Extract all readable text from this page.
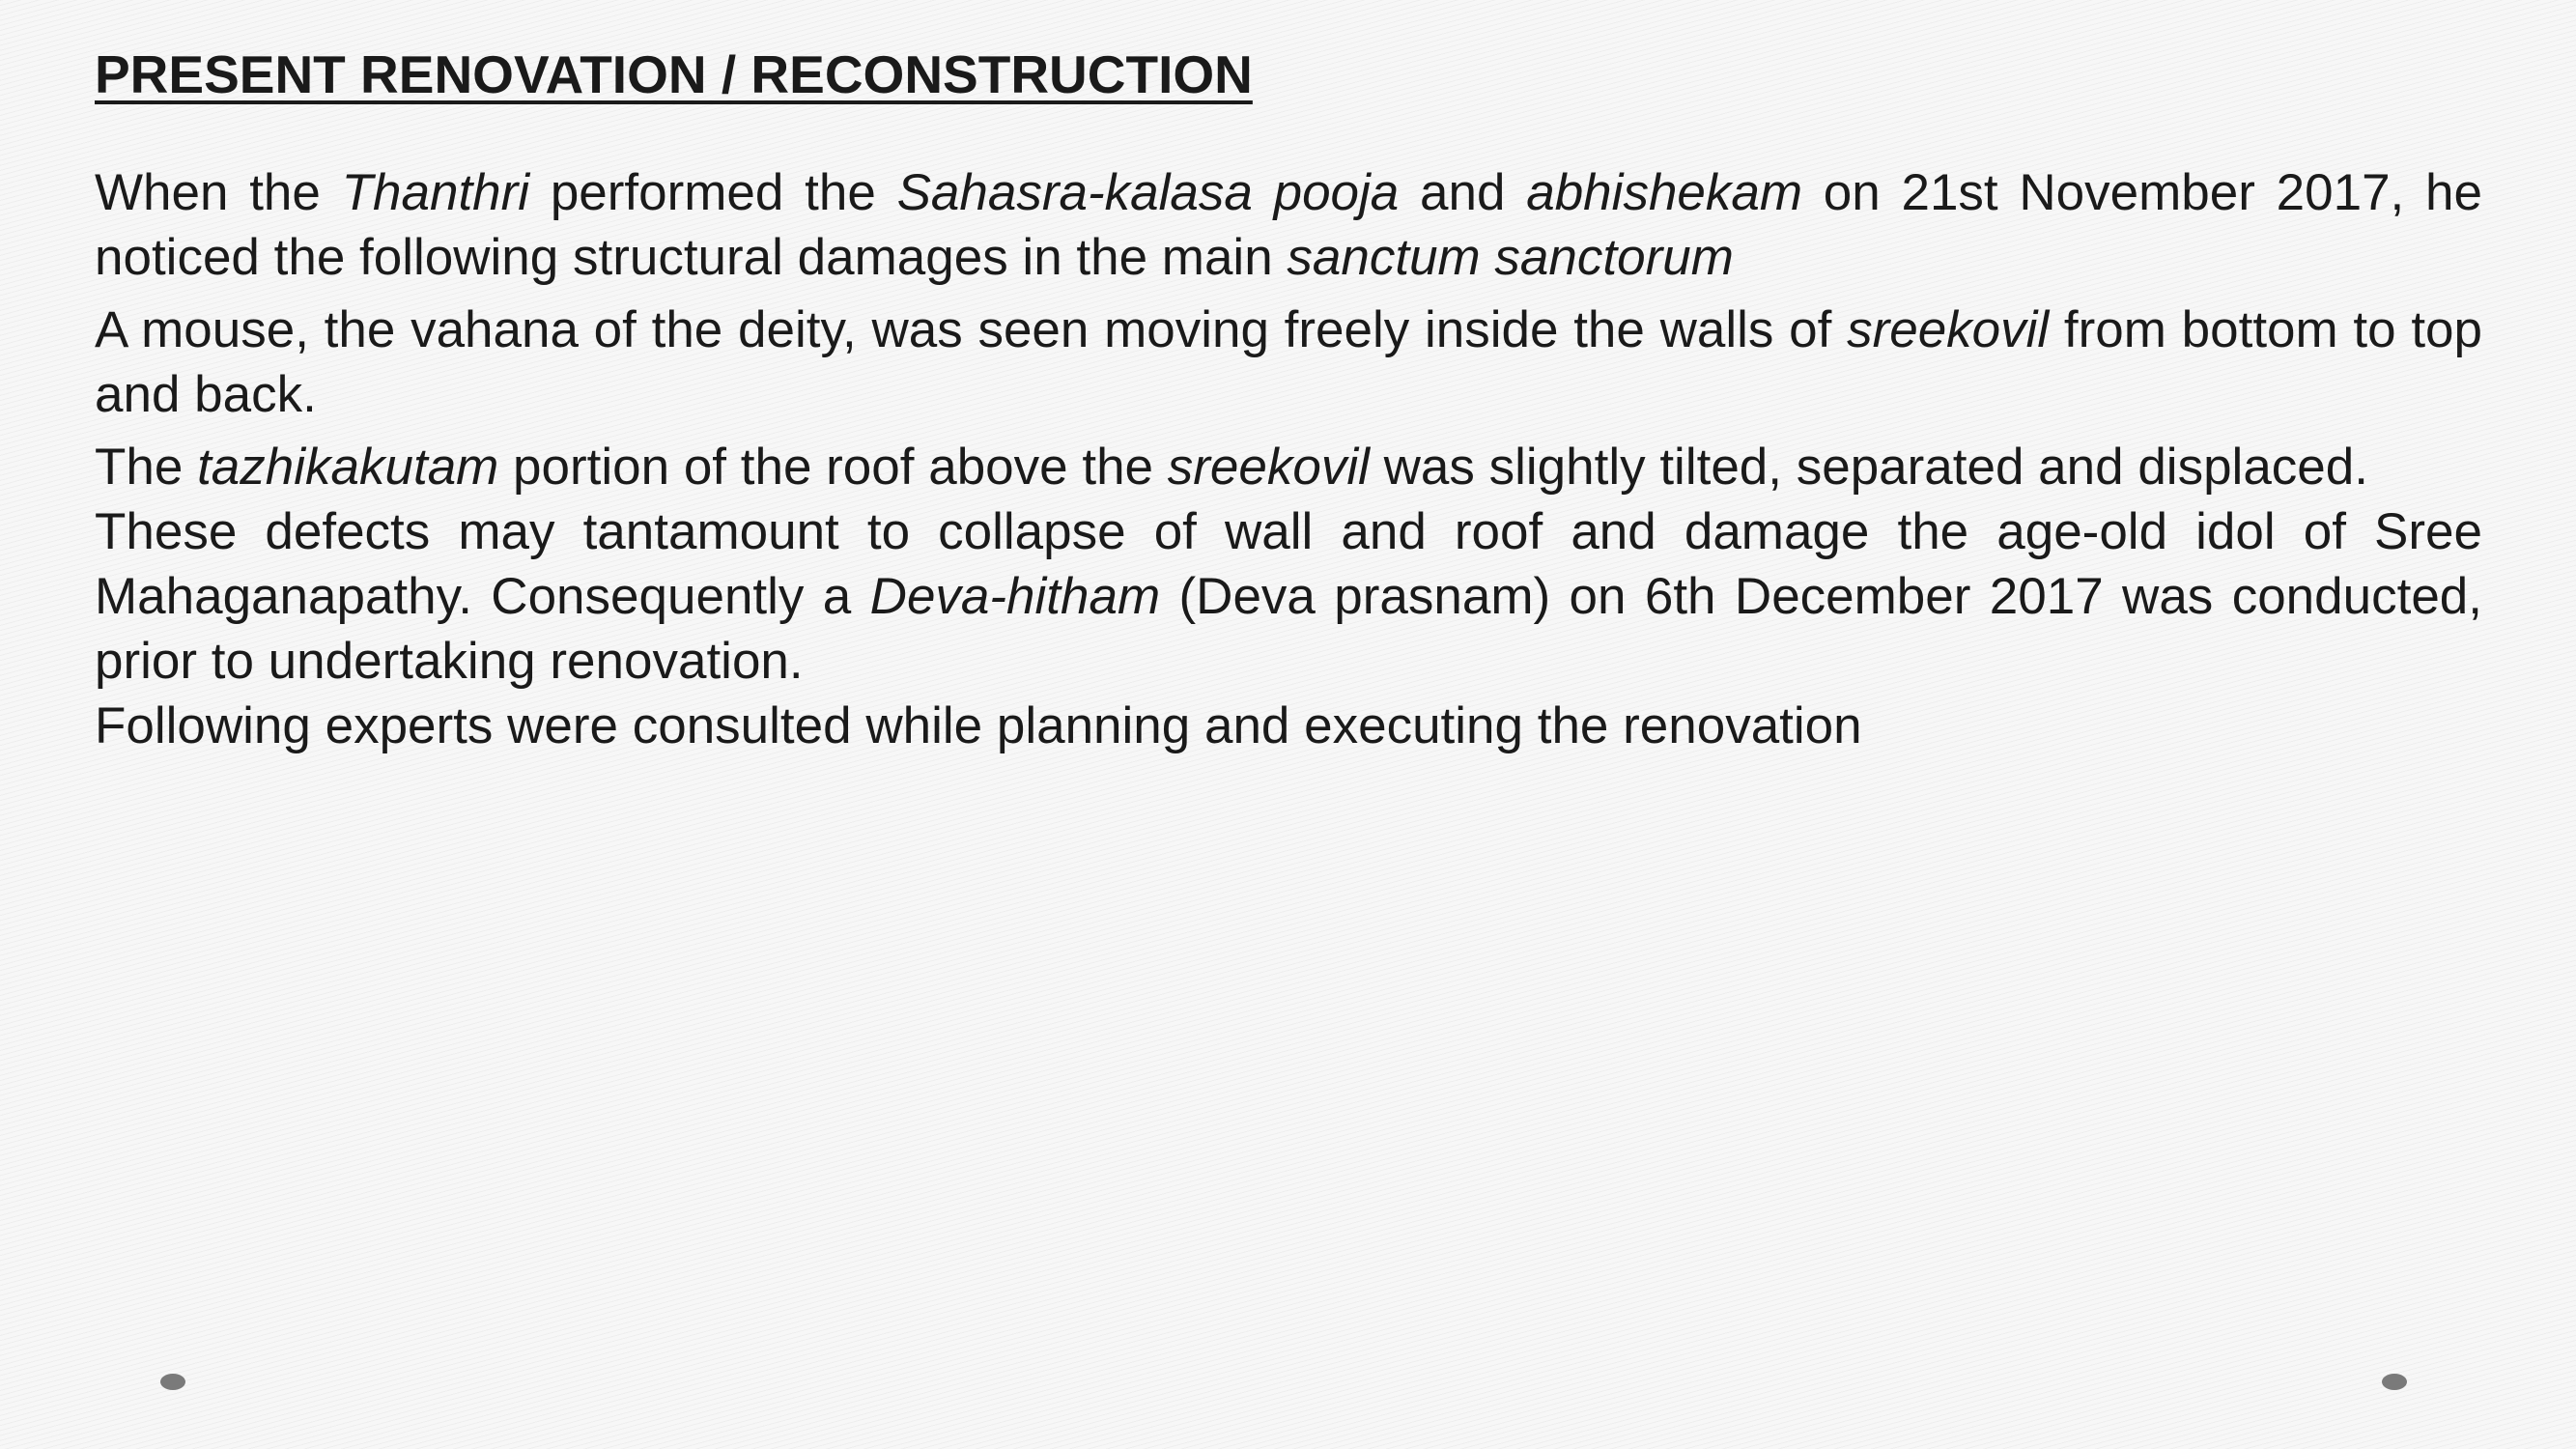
PRESENT RENOVATION / RECONSTRUCTION

When the Thanthri performed the Sahasra-kalasa pooja and abhishekam on 21st November 2017, he noticed the following structural damages in the main sanctum sanctorum

A mouse, the vahana of the deity, was seen moving freely inside the walls of sreekovil from bottom to top and back.

The tazhikakutam portion of the roof above the sreekovil was slightly tilted, separated and displaced.

These defects may tantamount to collapse of wall and roof and damage the age-old idol of Sree Mahaganapathy. Consequently a Deva-hitham (Deva prasnam) on 6th December 2017 was conducted, prior to undertaking renovation.

Following experts were consulted while planning and executing the renovation
